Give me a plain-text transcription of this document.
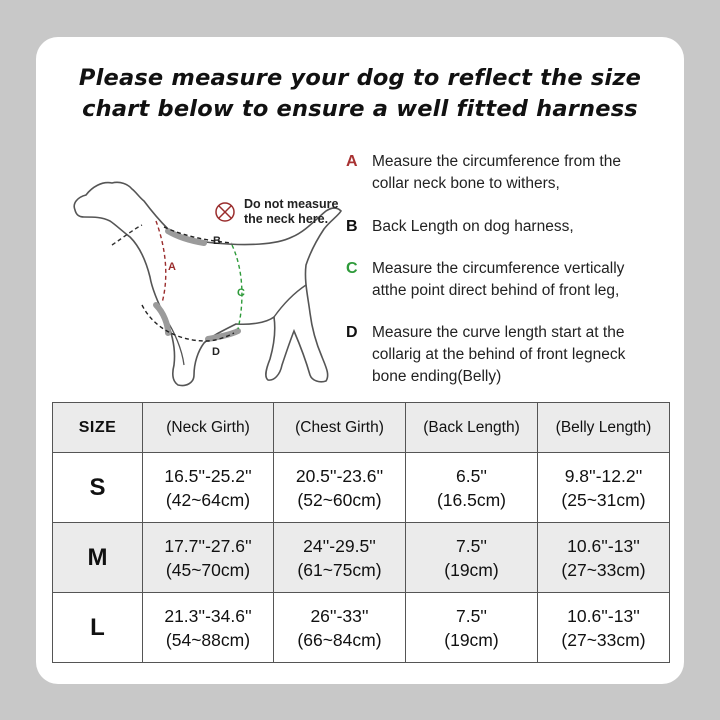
Please measure your dog to reflect the size
chart below to ensure a well fitted harness
A
B
C
D
Do not measure
the neck here.
A Measure the circumference from the
collar neck bone to withers,
B Back Length on dog harness,
C Measure the circumference vertically
atthe point direct behind of front leg,
D Measure the curve length start at the
collarig at the behind of front legneck
bone ending(Belly)
SIZE	(Neck Girth)	(Chest Girth)	(Back Length)	(Belly Length)
S	16.5''-25.2''
(42~64cm)	20.5''-23.6''
(52~60cm)	6.5''
(16.5cm)	9.8''-12.2''
(25~31cm)

M	17.7''-27.6''
(45~70cm)	24''-29.5''
(61~75cm)	7.5''
(19cm)	10.6''-13''
(27~33cm)

L	21.3''-34.6''
(54~88cm)	26''-33''
(66~84cm)	7.5''
(19cm)	10.6''-13''
(27~33cm)
